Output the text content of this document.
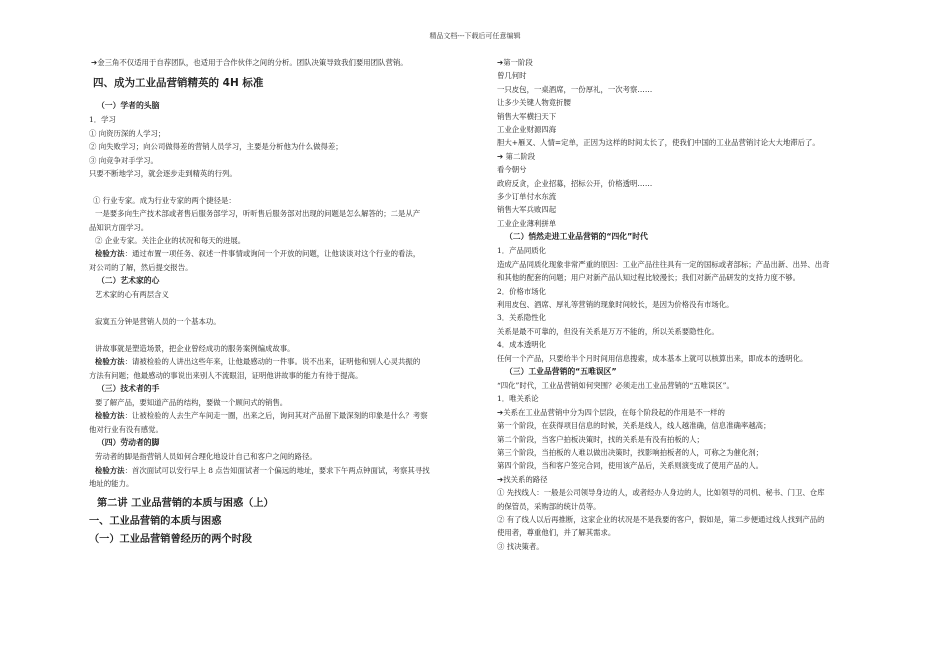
精品文档---下载后可任意编辑
➔金三角不仅适用于自荐团队，也适用于合作伙伴之间的分析。团队决策导致我们要用团队营销。
四、成为工业品营销精英的 4H 标准
（一）学者的头脑
1．学习
① 向资历深的人学习；
② 向失败学习；向公司做得差的营销人员学习，主要是分析他为什么做得差；
③ 向竞争对手学习。
只要不断地学习，就会逐步走到精英的行列。
① 行业专家。成为行业专家的两个捷径是：
一是要多向生产技术部或者售后服务部学习，听听售后服务部对出现的问题是怎么解答的；二是从产
品知识方面学习。
② 企业专家。关注企业的状况和每天的进展。
检验方法：通过布置一项任务、叙述一件事情或询问一个开放的问题，让他谈谈对这个行业的看法，
对公司的了解，然后提交报告。
（二）艺术家的心
艺术家的心有两层含义
寂寞五分钟是营销人员的一个基本功。
讲故事就是塑造场景，把企业曾经成功的服务案例编成故事。
检验方法：请被检验的人讲出这些年来，让他最感动的一件事。说不出来，证明他和别人心灵共振的
方法有问题；他最感动的事说出来别人不流眼泪，证明他讲故事的能力有待于提高。
（三）技术者的手
要了解产品，要知道产品的结构，要做一个顾问式的销售。
检验方法：让被检验的人去生产车间走一圈，出来之后，询问其对产品留下最深刻的印象是什么？考察
他对行业有没有感觉。
（四）劳动者的脚
劳动者的脚是指营销人员如何合理化地设计自己和客户之间的路径。
检验方法：首次面试可以安行早上 8 点告知面试者一个偏远的地址，要求下午两点钟面试，考察其寻找
地址的能力。
第二讲 工业品营销的本质与困惑（上）
一、工业品营销的本质与困惑
（一）工业品营销曾经历的两个时段
➔第一阶段
曾几何时
一只皮包，一桌酒席，一份厚礼，一次考察……
让多少关键人物竟折腰
销售大军横扫天下
工业企业财源四海
胆大+雁叉、人情=定单，正因为这样的时间太长了，使我们中国的工业品营销讨论大大地滞后了。
➔ 第二阶段
看今朝兮
政府反贪，企业招募，招标公开，价格透明……
多少订单付水东流
销售大军兵败四起
工业企业薄利拼单
（二）悄然走进工业品营销的“四化”时代
1．产品同质化
造成产品同质化现象非常严重的原因：工业产品往往具有一定的国标或者部标；产品出新、出异、出奇
和其他的配套的问题；用户对新产品认知过程比较漫长；我们对新产品研发的支持力度不够。
2．价格市场化
利用皮包、酒席、厚礼等营销的现象时间较长，是因为价格没有市场化。
3．关系隐性化
关系是最不可靠的，但没有关系是万万不能的，所以关系要隐性化。
4．成本透明化
任何一个产品，只要给半个月时间用信息搜索，成本基本上就可以核算出来，即成本的透明化。
（三）工业品营销的“五唯误区”
“四化”时代，工业品营销如何突围？必须走出工业品营销的“五唯误区”。
1．唯关系论
➔关系在工业品营销中分为四个层段，在每个阶段起的作用是不一样的
第一个阶段，在获得项目信息的时候，关系是线人，线人越准确，信息准确率越高；
第二个阶段，当客户拍板决策时，找的关系是有没有拍板的人；
第三个阶段，当拍板的人难以做出决策时，找影响拍板者的人，可称之为催化剂；
第四个阶段，当和客户签完合同，使用该产品后，关系则演变成了使用产品的人。
➔找关系的路径
① 先找线人：一般是公司领导身边的人，或者经办人身边的人，比如领导的司机、秘书、门卫、仓库
的保管员，采购部的统计员等。
② 有了线人以后再推断，这家企业的状况是不是我要的客户，假如是，第二步便通过线人找到产品的
使用者，尊重他们，并了解其需求。
③ 找决策者。
